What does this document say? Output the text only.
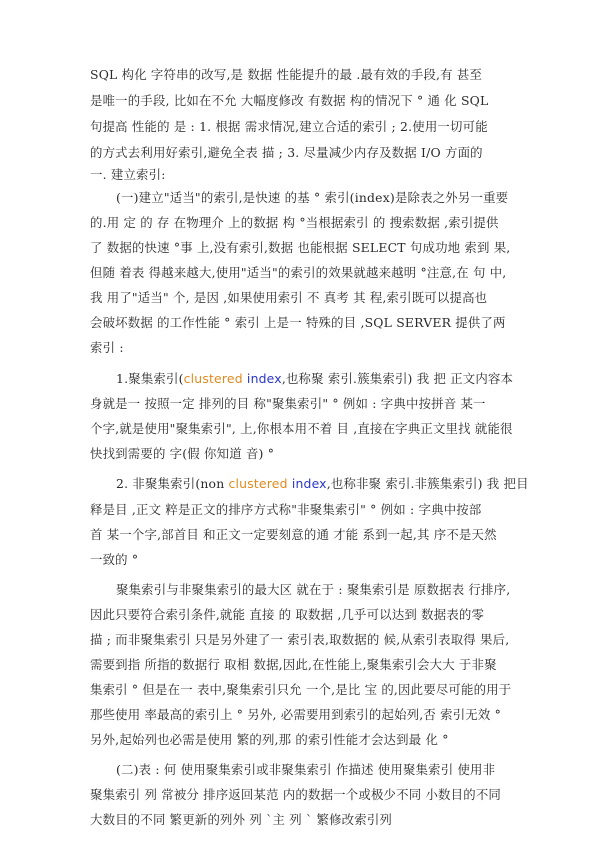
SQL 构化 字符串的改写,是 数据 性能提升的最 .最有效的手段,有 甚至
是唯一的手段, 比如在不允 大幅度修改 有数据 构的情况下 ° 通 化 SQL
句提高 性能的 是 : 1. 根据 需求情况,建立合适的索引 ; 2.使用一切可能
的方式去利用好索引,避免全表 描 ; 3. 尽量减少内存及数据 I/O 方面的
一. 建立索引:
(一)建立"适当"的索引,是快速 的基 ° 索引(index)是除表之外另一重要
的.用 定 的 存 在物理介 上的数据 构 °当根据索引 的 搜索数据 ,索引提供
了 数据的快速 °事 上,没有索引,数据 也能根据 SELECT 句成功地 索到 果,
但随 着表 得越来越大,使用"适当"的索引的效果就越来越明 °注意,在 句 中,
我 用了"适当" 个, 是因 ,如果使用索引 不 真考 其 程,索引既可以提高也
会破坏数据 的工作性能 ° 索引 上是一 特殊的目 ,SQL SERVER 提供了两
索引 :
1.聚集索引(clustered index,也称聚 索引.簇集索引) 我 把 正文内容本
身就是一 按照一定 排列的目 称"聚集索引" ° 例如 : 字典中按拼音 某一
个字,就是使用"聚集索引", 上,你根本用不着 目 ,直接在字典正文里找 就能很
快找到需要的 字(假 你知道 音) °
2. 非聚集索引(non clustered index,也称非聚 索引.非簇集索引) 我 把目
释是目 ,正文 粹是正文的排序方式称"非聚集索引" ° 例如 : 字典中按部
首 某一个字,部首目 和正文一定要刻意的通 才能 系到一起,其 序不是天然
一致的 °
聚集索引与非聚集索引的最大区 就在于 : 聚集索引是 原数据表 行排序,
因此只要符合索引条件,就能 直接 的 取数据 ,几乎可以达到 数据表的零
描 ; 而非聚集索引 只是另外建了一 索引表,取数据的 候,从索引表取得 果后,
需要到指 所指的数据行 取相 数据,因此,在性能上,聚集索引会大大 于非聚
集索引 ° 但是在一 表中,聚集索引只允 一个,是比 宝 的,因此要尽可能的用于
那些使用 率最高的索引上 ° 另外, 必需要用到索引的起始列,否 索引无效 °
另外,起始列也必需是使用 繁的列,那 的索引性能才会达到最 化 °
(二)表 : 何 使用聚集索引或非聚集索引 作描述 使用聚集索引 使用非
聚集索引 列 常被分 排序返回某范 内的数据一个或极少不同 小数目的不同
大数目的不同 繁更新的列外 列 `主 列 ` 繁修改索引列
